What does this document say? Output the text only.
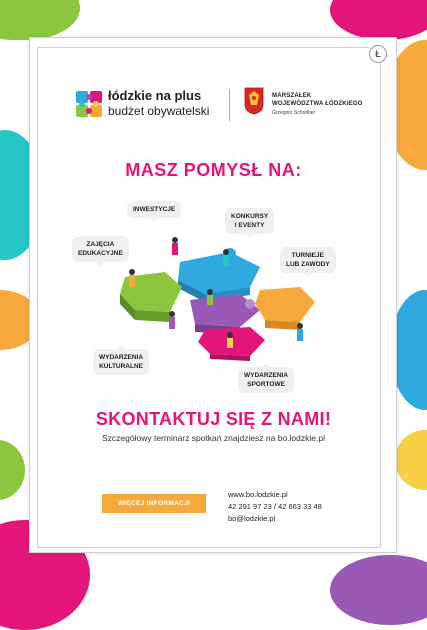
Ł
łódzkie na plus
budżet obywatelski
MARSZAŁEK
WOJEWÓDZTWA ŁÓDZKIEGO
Grzegorz Schreiber
MASZ POMYSŁ NA:
INWESTYCJE
KONKURSY
I EVENTY
ZAJĘCIA
EDUKACYJNE	TURNIEJE
LUB ZAWODY
WYDARZENIA
KULTURALNE
WYDARZENIA
SPORTOWE
SKONTAKTUJ SIĘ Z NAMI!
Szczegółowy terminarz spotkań znajdziesz na bo.lodzkie.pl
WIĘCEJ INFORMACJI
www.bo.lodzkie.pl
42 291 97 23 / 42 663 33 48
bo@lodzkie.pl
